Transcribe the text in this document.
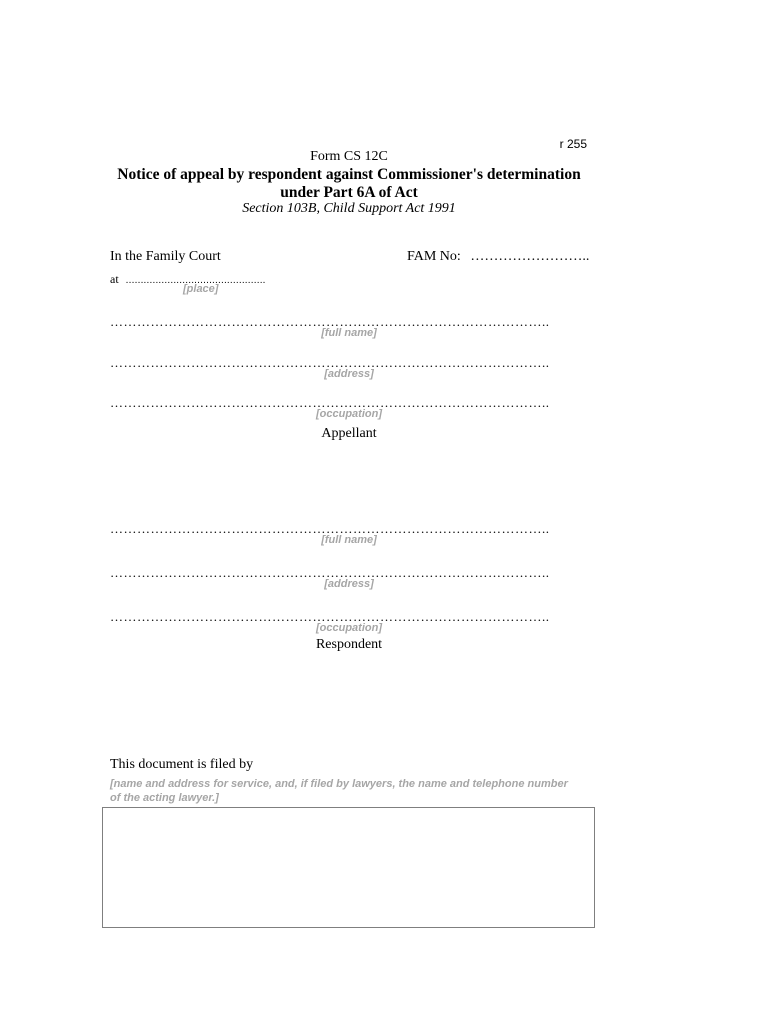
r 255
Form CS 12C
Notice of appeal by respondent against Commissioner's determination
under Part 6A of Act
Section 103B, Child Support Act 1991
In the Family Court	FAM No: ……………………..
at ...............................................
[place]
……………………………………………………………………………………..
[full name]
……………………………………………………………………………………..
[address]
……………………………………………………………………………………..
[occupation]
Appellant
……………………………………………………………………………………..
[full name]
……………………………………………………………………………………..
[address]
……………………………………………………………………………………..
[occupation]
Respondent
This document is filed by
[name and address for service, and, if filed by lawyers, the name and telephone number of the acting lawyer.]
